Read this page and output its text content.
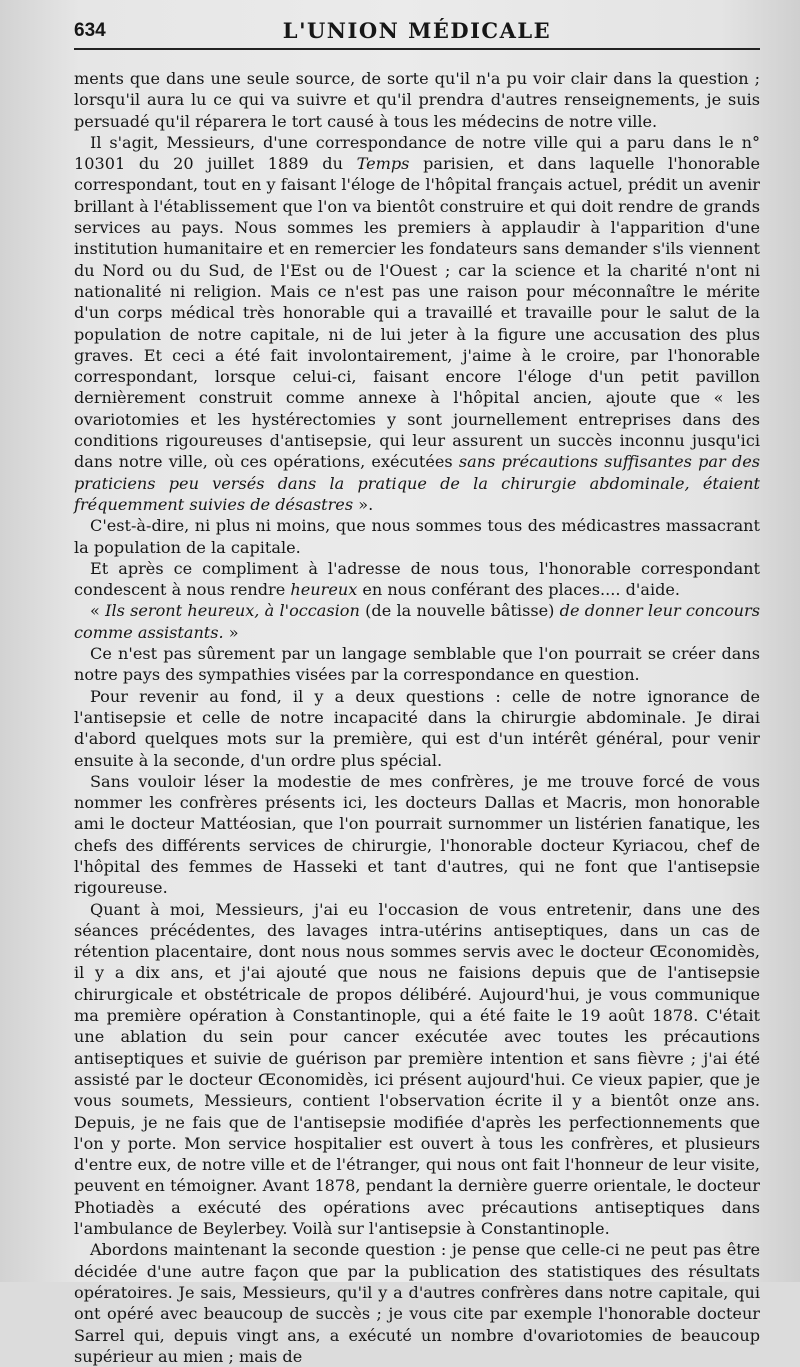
634	L'UNION MÉDICALE

ments que dans une seule source, de sorte qu'il n'a pu voir clair dans la question ; lorsqu'il aura lu ce qui va suivre et qu'il prendra d'autres renseignements, je suis persuadé qu'il réparera le tort causé à tous les médecins de notre ville.

Il s'agit, Messieurs, d'une correspondance de notre ville qui a paru dans le n° 10301 du 20 juillet 1889 du Temps parisien, et dans laquelle l'honorable correspondant, tout en y faisant l'éloge de l'hôpital français actuel, prédit un avenir brillant à l'établissement que l'on va bientôt construire et qui doit rendre de grands services au pays. Nous sommes les premiers à applaudir à l'apparition d'une institution humanitaire et en remercier les fondateurs sans demander s'ils viennent du Nord ou du Sud, de l'Est ou de l'Ouest ; car la science et la charité n'ont ni nationalité ni religion. Mais ce n'est pas une raison pour méconnaître le mérite d'un corps médical très honorable qui a travaillé et travaille pour le salut de la population de notre capitale, ni de lui jeter à la figure une accusation des plus graves. Et ceci a été fait involontairement, j'aime à le croire, par l'honorable correspondant, lorsque celui-ci, faisant encore l'éloge d'un petit pavillon dernièrement construit comme annexe à l'hôpital ancien, ajoute que « les ovariotomies et les hystérectomies y sont journellement entreprises dans des conditions rigoureuses d'antisepsie, qui leur assurent un succès inconnu jusqu'ici dans notre ville, où ces opérations, exécutées sans précautions suffisantes par des praticiens peu versés dans la pratique de la chirurgie abdominale, étaient fréquemment suivies de désastres ».

C'est-à-dire, ni plus ni moins, que nous sommes tous des médicastres massacrant la population de la capitale.

Et après ce compliment à l'adresse de nous tous, l'honorable correspondant condescent à nous rendre heureux en nous conférant des places.... d'aide.

« Ils seront heureux, à l'occasion (de la nouvelle bâtisse) de donner leur concours comme assistants. »

Ce n'est pas sûrement par un langage semblable que l'on pourrait se créer dans notre pays des sympathies visées par la correspondance en question.

Pour revenir au fond, il y a deux questions : celle de notre ignorance de l'antisepsie et celle de notre incapacité dans la chirurgie abdominale. Je dirai d'abord quelques mots sur la première, qui est d'un intérêt général, pour venir ensuite à la seconde, d'un ordre plus spécial.

Sans vouloir léser la modestie de mes confrères, je me trouve forcé de vous nommer les confrères présents ici, les docteurs Dallas et Macris, mon honorable ami le docteur Mattéosian, que l'on pourrait surnommer un listérien fanatique, les chefs des différents services de chirurgie, l'honorable docteur Kyriacou, chef de l'hôpital des femmes de Hasseki et tant d'autres, qui ne font que l'antisepsie rigoureuse.

Quant à moi, Messieurs, j'ai eu l'occasion de vous entretenir, dans une des séances précédentes, des lavages intra-utérins antiseptiques, dans un cas de rétention placentaire, dont nous nous sommes servis avec le docteur Œconomidès, il y a dix ans, et j'ai ajouté que nous ne faisions depuis que de l'antisepsie chirurgicale et obstétricale de propos délibéré. Aujourd'hui, je vous communique ma première opération à Constantinople, qui a été faite le 19 août 1878. C'était une ablation du sein pour cancer exécutée avec toutes les précautions antiseptiques et suivie de guérison par première intention et sans fièvre ; j'ai été assisté par le docteur Œconomidès, ici présent aujourd'hui. Ce vieux papier, que je vous soumets, Messieurs, contient l'observation écrite il y a bientôt onze ans. Depuis, je ne fais que de l'antisepsie modifiée d'après les perfectionnements que l'on y porte. Mon service hospitalier est ouvert à tous les confrères, et plusieurs d'entre eux, de notre ville et de l'étranger, qui nous ont fait l'honneur de leur visite, peuvent en témoigner. Avant 1878, pendant la dernière guerre orientale, le docteur Photiadès a exécuté des opérations avec précautions antiseptiques dans l'ambulance de Beylerbey. Voilà sur l'antisepsie à Constantinople.

Abordons maintenant la seconde question : je pense que celle-ci ne peut pas être décidée d'une autre façon que par la publication des statistiques des résultats opératoires. Je sais, Messieurs, qu'il y a d'autres confrères dans notre capitale, qui ont opéré avec beaucoup de succès ; je vous cite par exemple l'honorable docteur Sarrel qui, depuis vingt ans, a exécuté un nombre d'ovariotomies de beaucoup supérieur au mien ; mais de
